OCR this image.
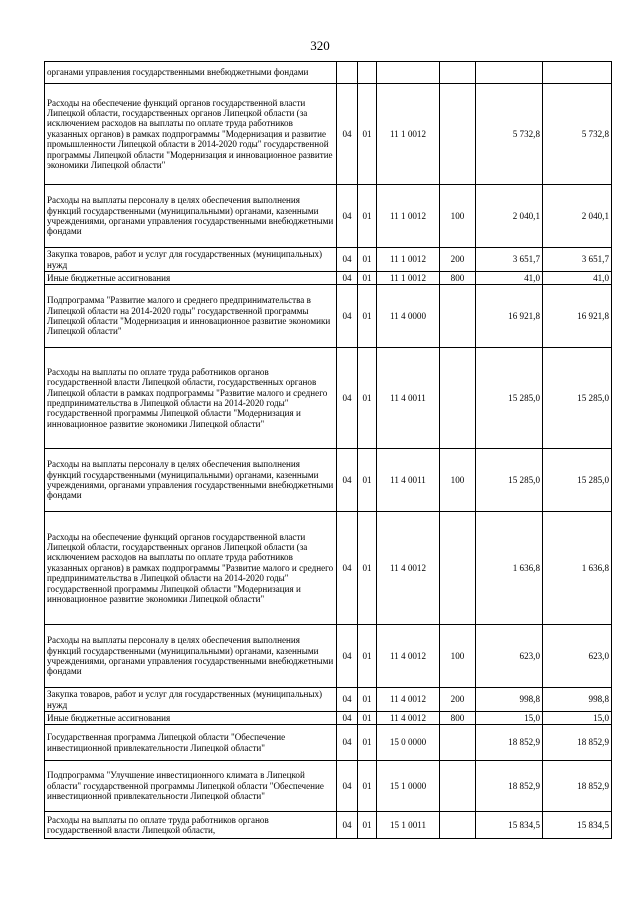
320
органами управления государственными внебюджетными фондами						
Расходы на обеспечение функций органов государственной власти Липецкой области, государственных органов Липецкой области (за исключением расходов на выплаты по оплате труда работников указанных органов) в рамках подпрограммы "Модернизация и развитие промышленности Липецкой области в 2014-2020 годы" государственной программы Липецкой области "Модернизация и инновационное развитие экономики Липецкой области"	04	01	11 1 0012		5 732,8	5 732,8
Расходы на выплаты персоналу в целях обеспечения выполнения функций государственными (муниципальными) органами, казенными учреждениями, органами управления государственными внебюджетными фондами	04	01	11 1 0012	100	2 040,1	2 040,1
Закупка товаров, работ и услуг для государственных (муниципальных) нужд	04	01	11 1 0012	200	3 651,7	3 651,7
Иные бюджетные ассигнования	04	01	11 1 0012	800	41,0	41,0
Подпрограмма "Развитие малого и среднего предпринимательства в Липецкой области на 2014-2020 годы" государственной программы Липецкой области "Модернизация и инновационное развитие экономики Липецкой области"	04	01	11 4 0000		16 921,8	16 921,8
Расходы на выплаты по оплате труда работников органов государственной власти Липецкой области, государственных органов Липецкой области в рамках подпрограммы "Развитие малого и среднего предпринимательства в Липецкой области на 2014-2020 годы" государственной программы Липецкой области "Модернизация и инновационное развитие экономики Липецкой области"	04	01	11 4 0011		15 285,0	15 285,0
Расходы на выплаты персоналу в целях обеспечения выполнения функций государственными (муниципальными) органами, казенными учреждениями, органами управления государственными внебюджетными фондами	04	01	11 4 0011	100	15 285,0	15 285,0
Расходы на обеспечение функций органов государственной власти Липецкой области, государственных органов Липецкой области (за исключением расходов на выплаты по оплате труда работников указанных органов) в рамках подпрограммы "Развитие малого и среднего предпринимательства в Липецкой области на 2014-2020 годы" государственной программы Липецкой области "Модернизация и инновационное развитие экономики Липецкой области"	04	01	11 4 0012		1 636,8	1 636,8
Расходы на выплаты персоналу в целях обеспечения выполнения функций государственными (муниципальными) органами, казенными учреждениями, органами управления государственными внебюджетными фондами	04	01	11 4 0012	100	623,0	623,0
Закупка товаров, работ и услуг для государственных (муниципальных) нужд	04	01	11 4 0012	200	998,8	998,8
Иные бюджетные ассигнования	04	01	11 4 0012	800	15,0	15,0
Государственная программа Липецкой области "Обеспечение инвестиционной привлекательности Липецкой области"	04	01	15 0 0000		18 852,9	18 852,9
Подпрограмма "Улучшение инвестиционного климата в Липецкой области" государственной программы Липецкой области "Обеспечение инвестиционной привлекательности Липецкой области"	04	01	15 1 0000		18 852,9	18 852,9
Расходы на выплаты по оплате труда работников органов государственной власти Липецкой области,	04	01	15 1 0011		15 834,5	15 834,5
